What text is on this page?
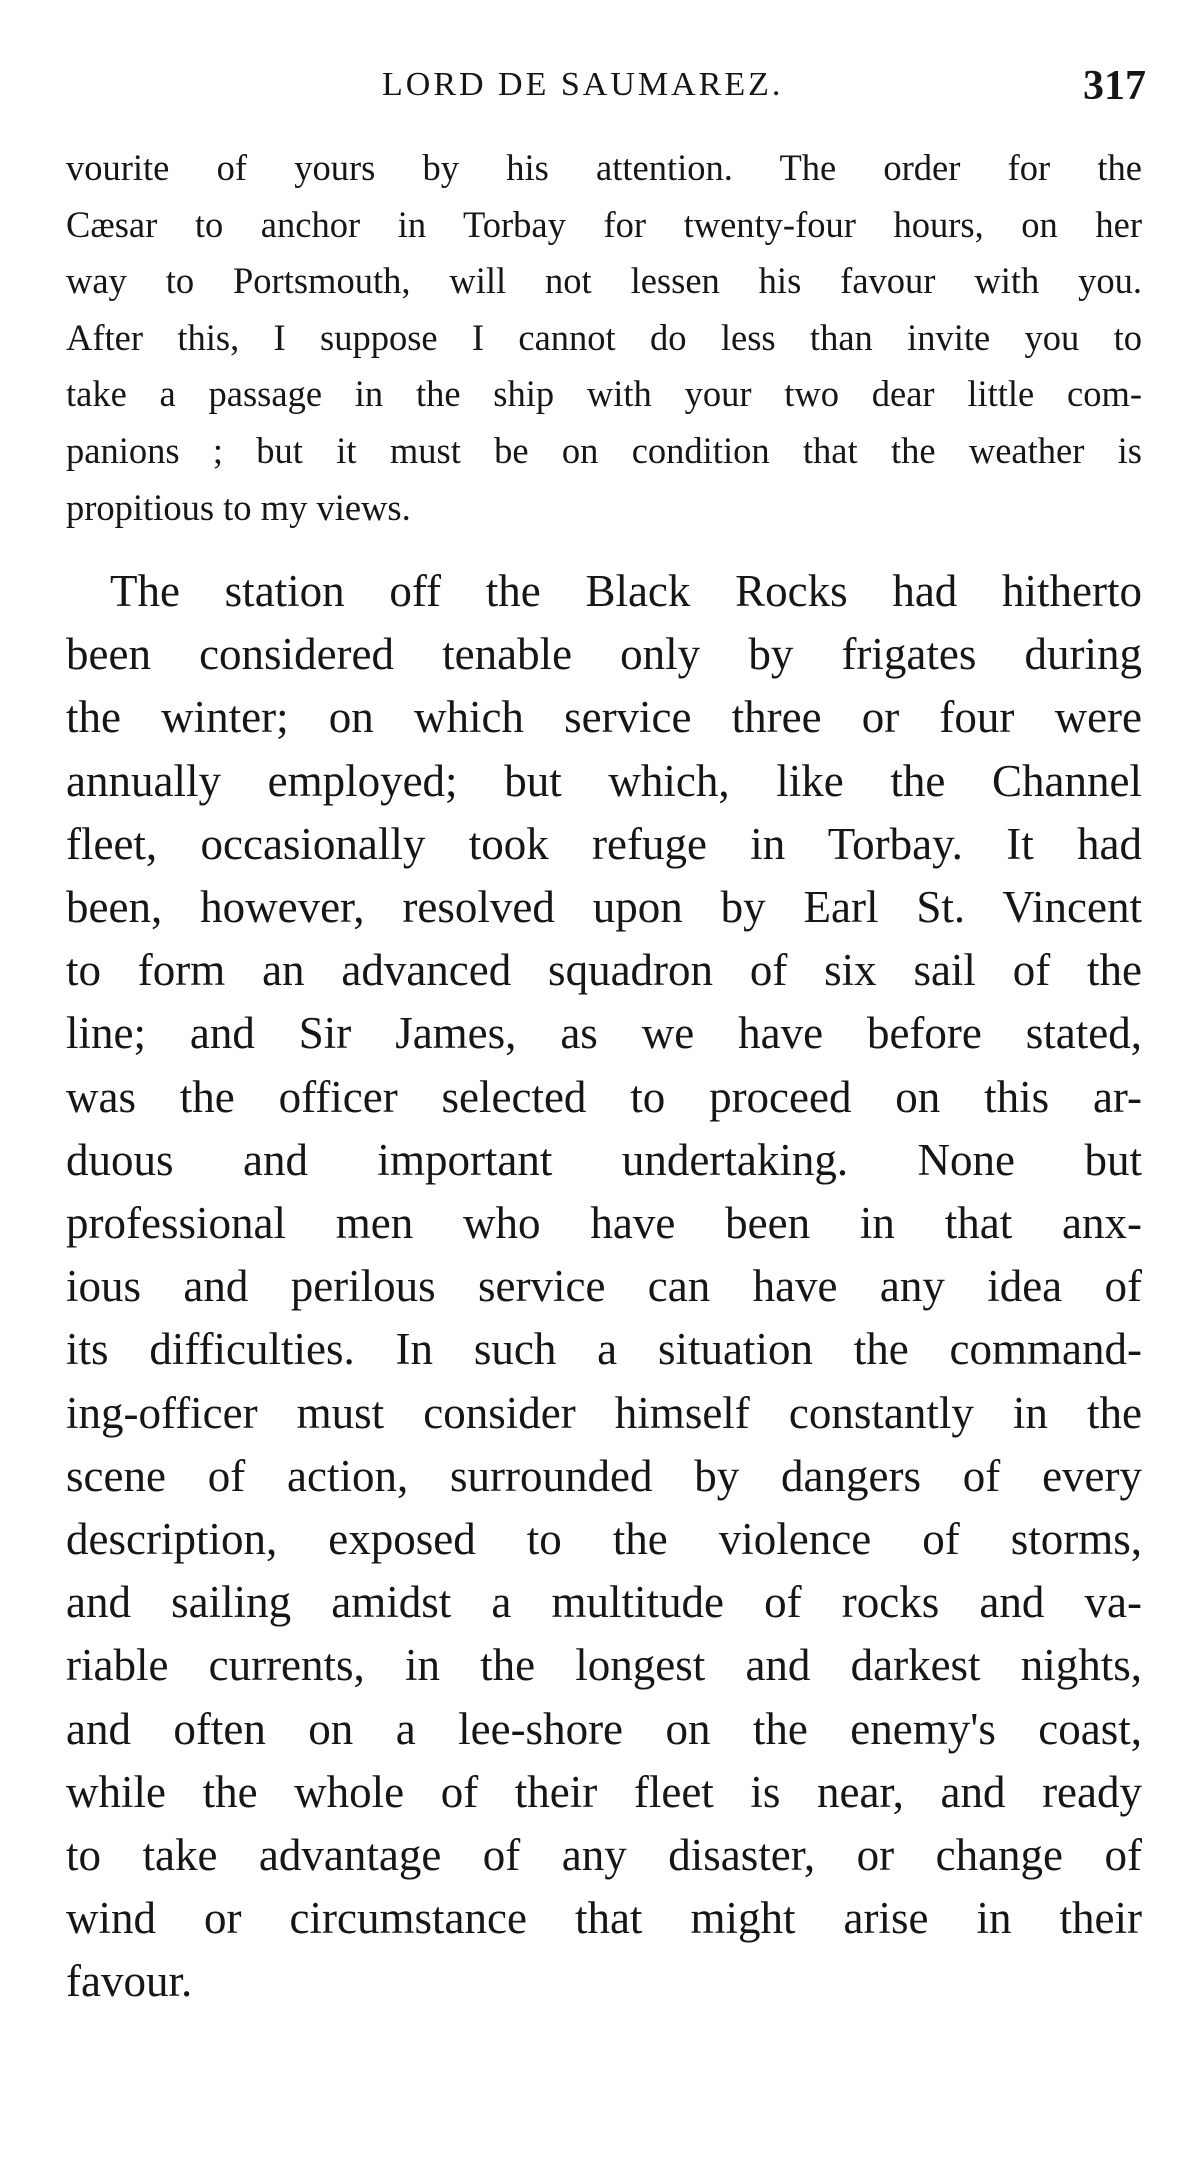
LORD DE SAUMAREZ.	317
vourite of yours by his attention. The order for the
Cæsar to anchor in Torbay for twenty-four hours, on her
way to Portsmouth, will not lessen his favour with you.
After this, I suppose I cannot do less than invite you to
take a passage in the ship with your two dear little com-
panions ; but it must be on condition that the weather is
propitious to my views.
The station off the Black Rocks had hitherto
been considered tenable only by frigates during
the winter; on which service three or four were
annually employed; but which, like the Channel
fleet, occasionally took refuge in Torbay. It had
been, however, resolved upon by Earl St. Vincent
to form an advanced squadron of six sail of the
line; and Sir James, as we have before stated,
was the officer selected to proceed on this ar-
duous and important undertaking. None but
professional men who have been in that anx-
ious and perilous service can have any idea of
its difficulties. In such a situation the command-
ing-officer must consider himself constantly in the
scene of action, surrounded by dangers of every
description, exposed to the violence of storms,
and sailing amidst a multitude of rocks and va-
riable currents, in the longest and darkest nights,
and often on a lee-shore on the enemy's coast,
while the whole of their fleet is near, and ready
to take advantage of any disaster, or change of
wind or circumstance that might arise in their
favour.
